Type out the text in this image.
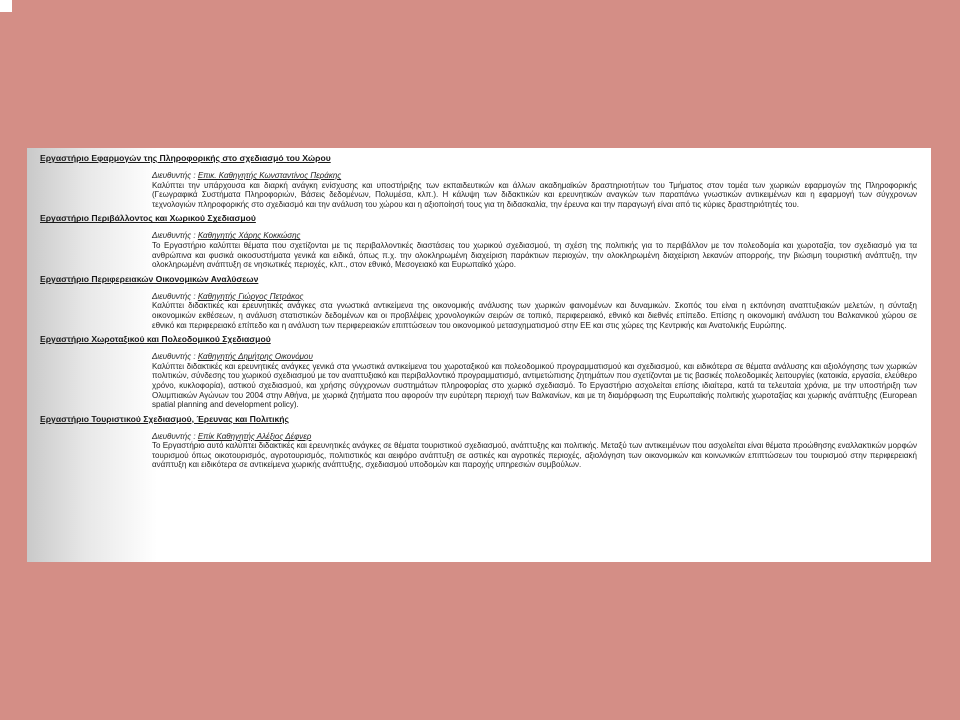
Εργαστήριο Εφαρμογών της Πληροφορικής στο σχεδιασμό του Χώρου
Διευθυντής : Επικ. Καθηγητής Κωνσταντίνος Περάκης
Καλύπτει την υπάρχουσα και διαρκή ανάγκη ενίσχυσης και υποστήριξης των εκπαιδευτικών και άλλων ακαδημαϊκών δραστηριοτήτων του Τμήματος στον τομέα των χωρικών εφαρμογών της Πληροφορικής (Γεωγραφικά Συστήματα Πληροφοριών, Βάσεις δεδομένων, Πολυμέσα, κλπ.). Η κάλυψη των διδακτικών και ερευνητικών αναγκών των παραπάνω γνωστικών αντικειμένων και η εφαρμογή των σύγχρονων τεχνολογιών πληροφορικής στο σχεδιασμό και την ανάλυση του χώρου και η αξιοποίησή τους για τη διδασκαλία, την έρευνα και την παραγωγή είναι από τις κύριες δραστηριότητές του.
Εργαστήριο Περιβάλλοντος και Χωρικού Σχεδιασμού
Διευθυντής : Καθηγητής Χάρης Κοκκώσης
Το Εργαστήριο καλύπτει θέματα που σχετίζονται με τις περιβαλλοντικές διαστάσεις του χωρικού σχεδιασμού, τη σχέση της πολιτικής για το περιβάλλον με τον πολεοδομία και χωροταξία, τον σχεδιασμό για τα ανθρώπινα και φυσικά οικοσυστήματα γενικά και ειδικά, όπως π.χ. την ολοκληρωμένη διαχείριση παράκτιων περιοχών, την ολοκληρωμένη διαχείριση λεκανών απορροής, την βιώσιμη τουριστική ανάπτυξη, την ολοκληρωμένη ανάπτυξη σε νησιωτικές περιοχές, κλπ., στον εθνικό, Μεσογειακό και Ευρωπαϊκό χώρο.
Εργαστήριο Περιφερειακών Οικονομικών Αναλύσεων
Διευθυντής : Καθηγητής Γιώργος Πετράκος
Καλύπτει διδακτικές και ερευνητικές ανάγκες στα γνωστικά αντικείμενα της οικονομικής ανάλυσης των χωρικών φαινομένων και δυναμικών. Σκοπός του είναι η εκπόνηση αναπτυξιακών μελετών, η σύνταξη οικονομικών εκθέσεων, η ανάλυση στατιστικών δεδομένων και οι προβλέψεις χρονολογικών σειρών σε τοπικό, περιφερειακό, εθνικό και διεθνές επίπεδο. Επίσης η οικονομική ανάλυση του Βαλκανικού χώρου σε εθνικό και περιφερειακό επίπεδο και η ανάλυση των περιφερειακών επιπτώσεων του οικονομικού μετασχηματισμού στην ΕΕ και στις χώρες της Κεντρικής και Ανατολικής Ευρώπης.
Εργαστήριο Χωροταξικού και Πολεοδομικού Σχεδιασμού
Διευθυντής : Καθηγητής Δημήτρης Οικονόμου
Καλύπτει διδακτικές και ερευνητικές ανάγκες γενικά στα γνωστικά αντικείμενα του χωροταξικού και πολεοδομικού προγραμματισμού και σχεδιασμού, και ειδικότερα σε θέματα ανάλυσης και αξιολόγησης των χωρικών πολιτικών, σύνδεσης του χωρικού σχεδιασμού με τον αναπτυξιακό και περιβαλλοντικό προγραμματισμό, αντιμετώπισης ζητημάτων που σχετίζονται με τις βασικές πολεοδομικές λειτουργίες (κατοικία, εργασία, ελεύθερο χρόνο, κυκλοφορία), αστικού σχεδιασμού, και χρήσης σύγχρονων συστημάτων πληροφορίας στο χωρικό σχεδιασμό. Το Εργαστήριο ασχολείται επίσης ιδιαίτερα, κατά τα τελευταία χρόνια, με την υποστήριξη των Ολυμπιακών Αγώνων του 2004 στην Αθήνα, με χωρικά ζητήματα που αφορούν την ευρύτερη περιοχή των Βαλκανίων, και με τη διαμόρφωση της Ευρωπαϊκής πολιτικής χωροταξίας και χωρικής ανάπτυξης (European spatial planning and development policy).
Εργαστήριο Τουριστικού Σχεδιασμού, Έρευνας και Πολιτικής
Διευθυντής : Επίκ Καθηγητής Αλέξιος Δέφνερ
Το Εργαστήριο αυτό καλύπτει διδακτικές και ερευνητικές ανάγκες σε θέματα τουριστικού σχεδιασμού, ανάπτυξης και πολιτικής. Μεταξύ των αντικειμένων που ασχολείται είναι θέματα προώθησης εναλλακτικών μορφών τουρισμού όπως οικοτουρισμός, αγροτουρισμός, πολιτιστικός και αειφόρο ανάπτυξη σε αστικές και αγροτικές περιοχές, αξιολόγηση των οικονομικών και κοινωνικών επιπτώσεων του τουρισμού στην περιφερειακή ανάπτυξη και ειδικότερα σε αντικείμενα χωρικής ανάπτυξης, σχεδιασμού υποδομών και παροχής υπηρεσιών συμβούλων.
